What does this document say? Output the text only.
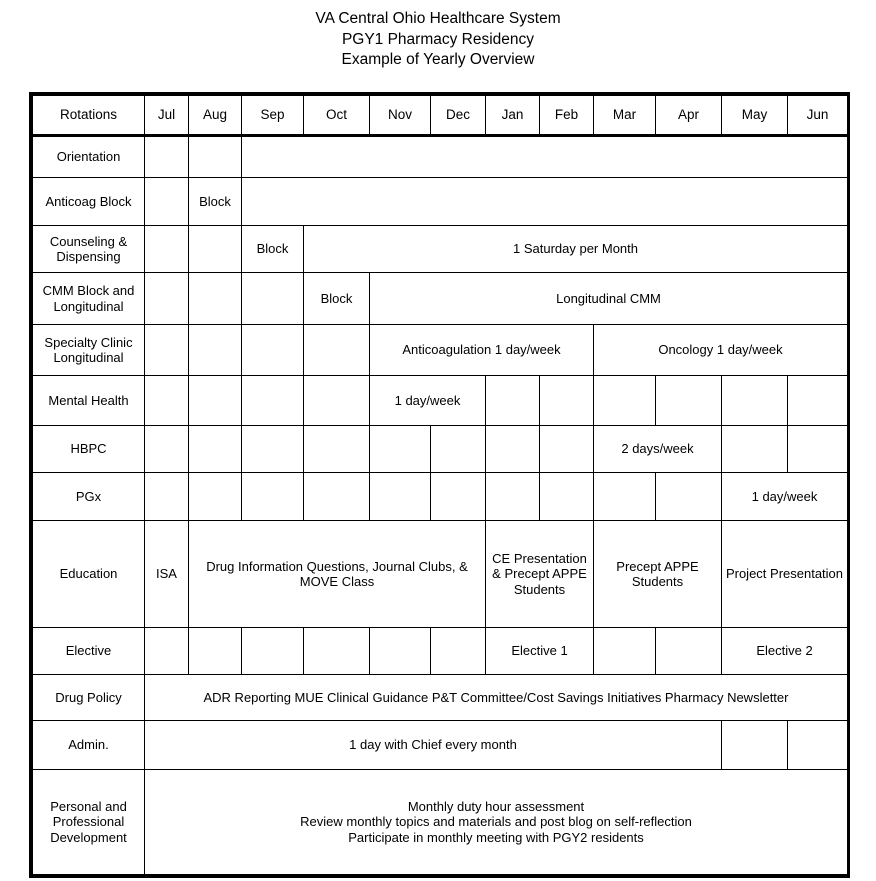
VA Central Ohio Healthcare System
PGY1 Pharmacy Residency
Example of Yearly Overview
Rotations	Jul	Aug	Sep	Oct	Nov	Dec	Jan	Feb	Mar	Apr	May	Jun
Orientation												
Anticoag Block		Block										
Counseling & Dispensing			Block	1 Saturday per Month								
CMM Block and Longitudinal				Block	Longitudinal CMM							
Specialty Clinic Longitudinal					Anticoagulation 1 day/week				Oncology 1 day/week			
Mental Health					1 day/week							
HBPC									2 days/week			
PGx											1 day/week	
Education	ISA	Drug Information Questions, Journal Clubs, & MOVE Class					CE Presentation & Precept APPE Students		Precept APPE Students		Project Presentation	
Elective							Elective 1				Elective 2	
Drug Policy	ADR Reporting MUE Clinical Guidance P&T Committee/Cost Savings Initiatives Pharmacy Newsletter											
Admin.	1 day with Chief every month											
Personal and Professional Development	Monthly duty hour assessment
Review monthly topics and materials and post blog on self-reflection
Participate in monthly meeting with PGY2 residents											
